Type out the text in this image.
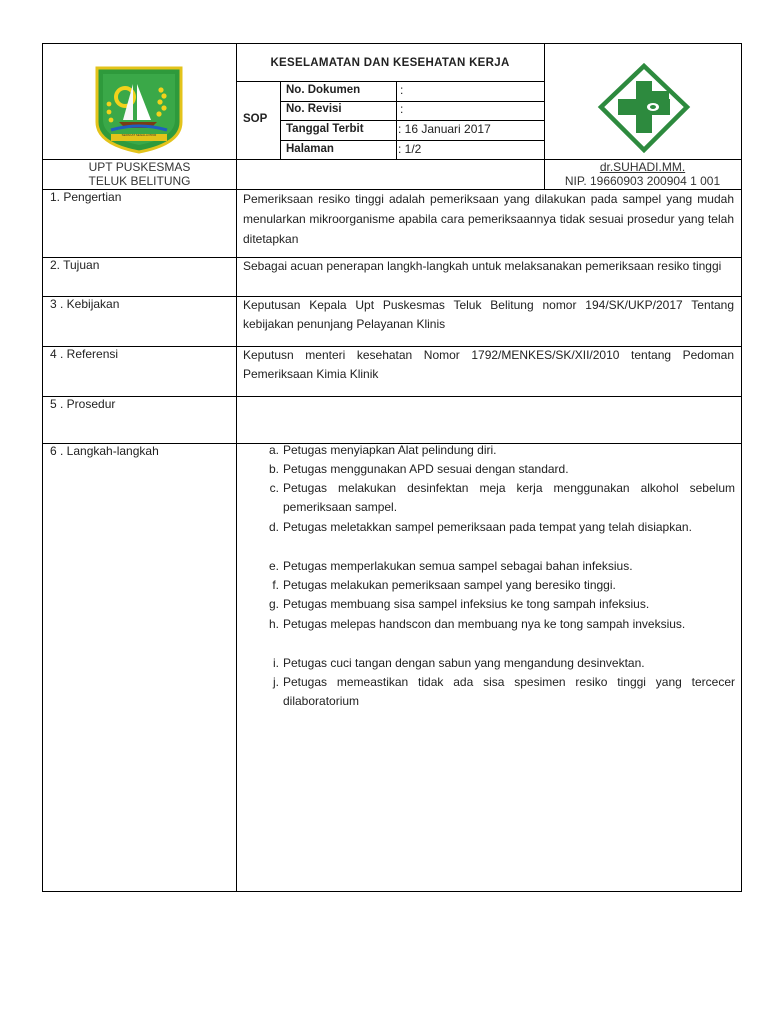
SEPAKAT SEGALA PIKIR
KESELAMATAN DAN KESEHATAN KERJA
SOP
No. Dokumen	:
No. Revisi	:
Tanggal Terbit	: 16 Januari 2017
Halaman	: 1/2
UPT PUSKESMAS
TELUK BELITUNG
dr.SUHADI.MM.
NIP. 19660903 200904 1 001
1. Pengertian	Pemeriksaan resiko tinggi adalah pemeriksaan yang dilakukan pada sampel yang mudah menularkan mikroorganisme apabila cara pemeriksaannya tidak sesuai prosedur yang telah ditetapkan
2. Tujuan	Sebagai acuan penerapan langkh-langkah untuk melaksanakan pemeriksaan resiko tinggi
3 . Kebijakan	Keputusan Kepala Upt Puskesmas Teluk Belitung nomor 194/SK/UKP/2017 Tentang kebijakan penunjang Pelayanan Klinis
4 . Referensi	Keputusn menteri kesehatan Nomor 1792/MENKES/SK/XII/2010 tentang Pedoman Pemeriksaan Kimia Klinik
5 . Prosedur
6 . Langkah-langkah	a. Petugas menyiapkan Alat pelindung diri.
b. Petugas menggunakan APD sesuai dengan standard.
c. Petugas melakukan desinfektan meja kerja menggunakan alkohol sebelum pemeriksaan sampel.
d. Petugas meletakkan sampel pemeriksaan pada tempat yang telah disiapkan.
e. Petugas memperlakukan semua sampel sebagai bahan infeksius.
f. Petugas melakukan pemeriksaan sampel yang beresiko tinggi.
g. Petugas membuang sisa sampel infeksius ke tong sampah infeksius.
h. Petugas melepas handscon dan membuang nya ke tong sampah inveksius.
i. Petugas cuci tangan dengan sabun yang mengandung desinvektan.
j. Petugas memeastikan tidak ada sisa spesimen resiko tinggi yang tercecer dilaboratorium
